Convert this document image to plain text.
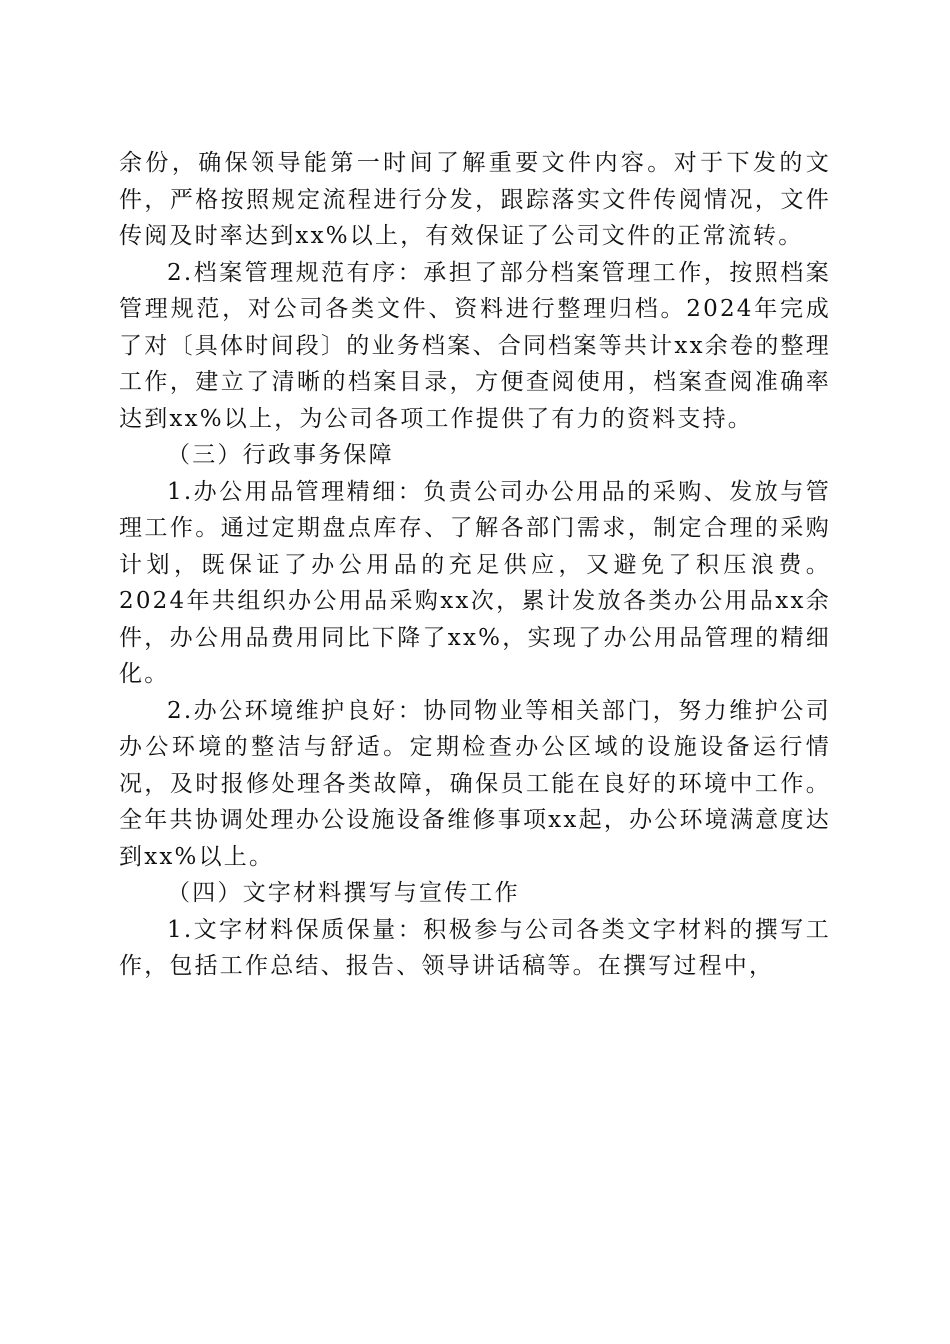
余份，确保领导能第一时间了解重要文件内容。对于下发的文件，严格按照规定流程进行分发，跟踪落实文件传阅情况，文件传阅及时率达到xx%以上，有效保证了公司文件的正常流转。

2.档案管理规范有序：承担了部分档案管理工作，按照档案管理规范，对公司各类文件、资料进行整理归档。2024年完成了对〔具体时间段〕的业务档案、合同档案等共计xx余卷的整理工作，建立了清晰的档案目录，方便查阅使用，档案查阅准确率达到xx%以上，为公司各项工作提供了有力的资料支持。

（三）行政事务保障

1.办公用品管理精细：负责公司办公用品的采购、发放与管理工作。通过定期盘点库存、了解各部门需求，制定合理的采购计划，既保证了办公用品的充足供应，又避免了积压浪费。2024年共组织办公用品采购xx次，累计发放各类办公用品xx余件，办公用品费用同比下降了xx%，实现了办公用品管理的精细化。

2.办公环境维护良好：协同物业等相关部门，努力维护公司办公环境的整洁与舒适。定期检查办公区域的设施设备运行情况，及时报修处理各类故障，确保员工能在良好的环境中工作。全年共协调处理办公设施设备维修事项xx起，办公环境满意度达到xx%以上。

（四）文字材料撰写与宣传工作

1.文字材料保质保量：积极参与公司各类文字材料的撰写工作，包括工作总结、报告、领导讲话稿等。在撰写过程中，
